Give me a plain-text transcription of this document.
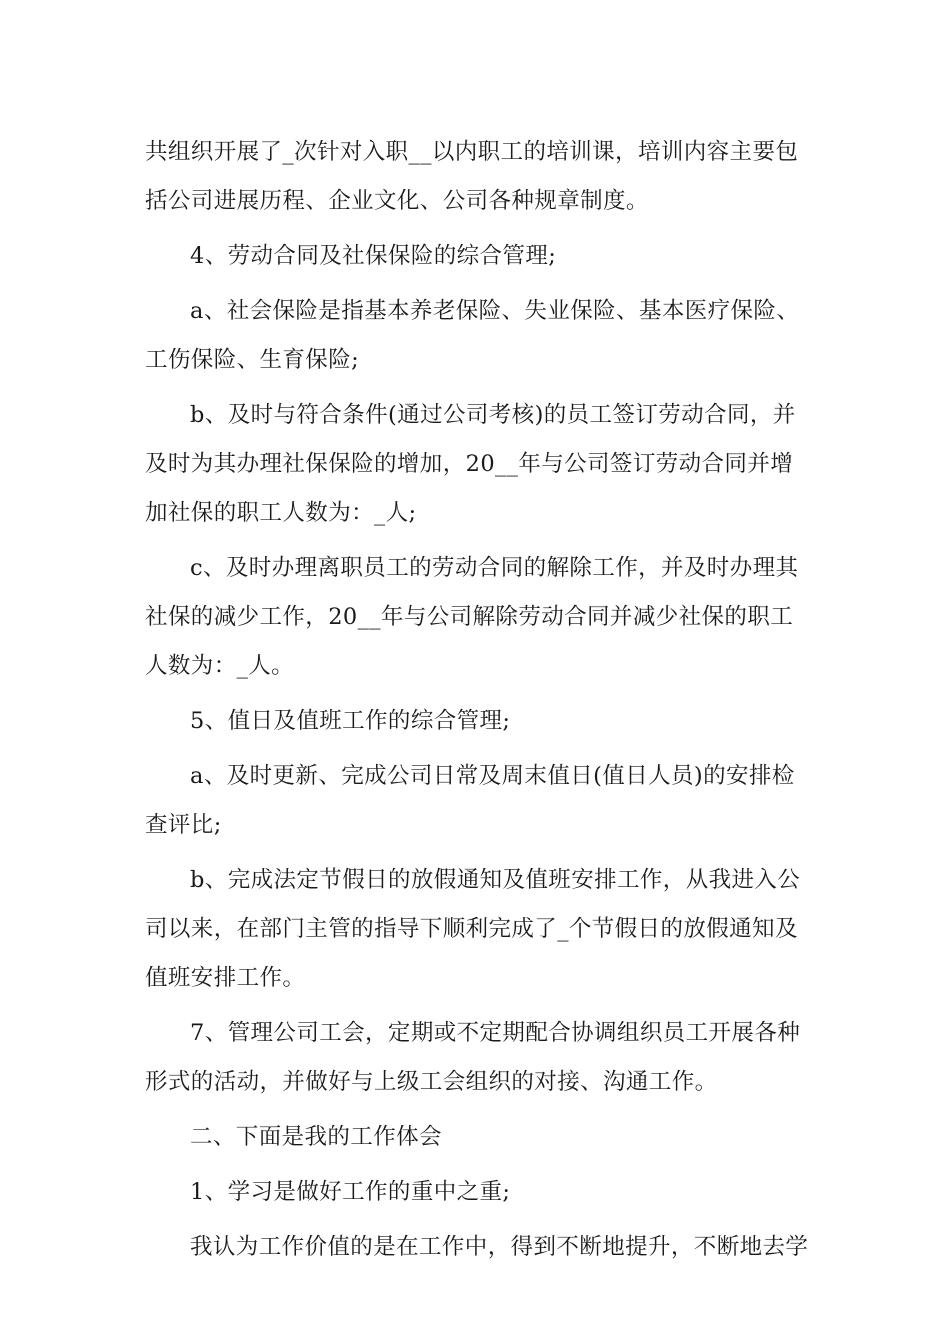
共组织开展了_次针对入职__以内职工的培训课，培训内容主要包括公司进展历程、企业文化、公司各种规章制度。

4、劳动合同及社保保险的综合管理;

a、社会保险是指基本养老保险、失业保险、基本医疗保险、工伤保险、生育保险;

b、及时与符合条件(通过公司考核)的员工签订劳动合同，并及时为其办理社保保险的增加，20__年与公司签订劳动合同并增加社保的职工人数为：_人;

c、及时办理离职员工的劳动合同的解除工作，并及时办理其社保的减少工作，20__年与公司解除劳动合同并减少社保的职工人数为：_人。

5、值日及值班工作的综合管理;

a、及时更新、完成公司日常及周末值日(值日人员)的安排检查评比;

b、完成法定节假日的放假通知及值班安排工作，从我进入公司以来，在部门主管的指导下顺利完成了_个节假日的放假通知及值班安排工作。

7、管理公司工会，定期或不定期配合协调组织员工开展各种形式的活动，并做好与上级工会组织的对接、沟通工作。

二、下面是我的工作体会

1、学习是做好工作的重中之重;

我认为工作价值的是在工作中，得到不断地提升，不断地去学
